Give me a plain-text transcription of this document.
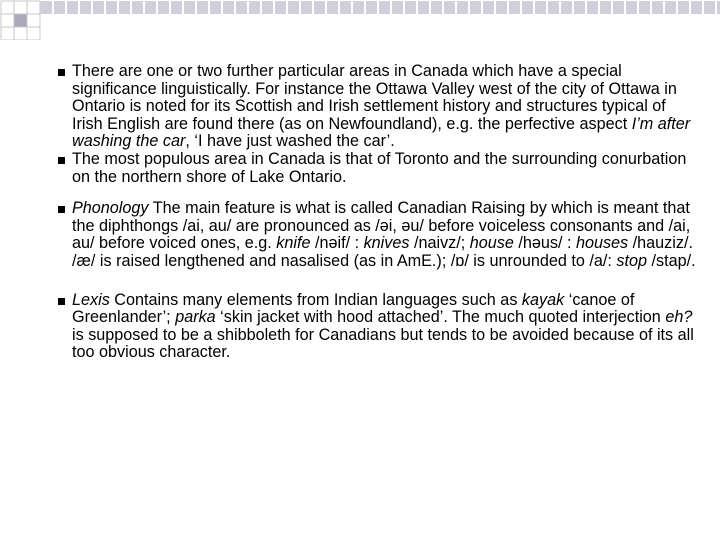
There are one or two further particular areas in Canada which have a special significance linguistically. For instance the Ottawa Valley west of the city of Ottawa in Ontario is noted for its Scottish and Irish settlement history and structures typical of Irish English are found there (as on Newfoundland), e.g. the perfective aspect I’m after washing the car, ‘I have just washed the car’.
The most populous area in Canada is that of Toronto and the surrounding conurbation on the northern shore of Lake Ontario.
Phonology The main feature is what is called Canadian Raising by which is meant that the diphthongs /ai, au/ are pronounced as /əi, əu/ before voiceless consonants and /ai, au/ before voiced ones, e.g. knife /nəif/ : knives /naivz/; house /həus/ : houses /hauziz/. /æ/ is raised lengthened and nasalised (as in AmE.); /ɒ/ is unrounded to /a/: stop /stap/.
Lexis Contains many elements from Indian languages such as kayak ‘canoe of Greenlander’; parka ‘skin jacket with hood attached’. The much quoted interjection eh? is supposed to be a shibboleth for Canadians but tends to be avoided because of its all too obvious character.
